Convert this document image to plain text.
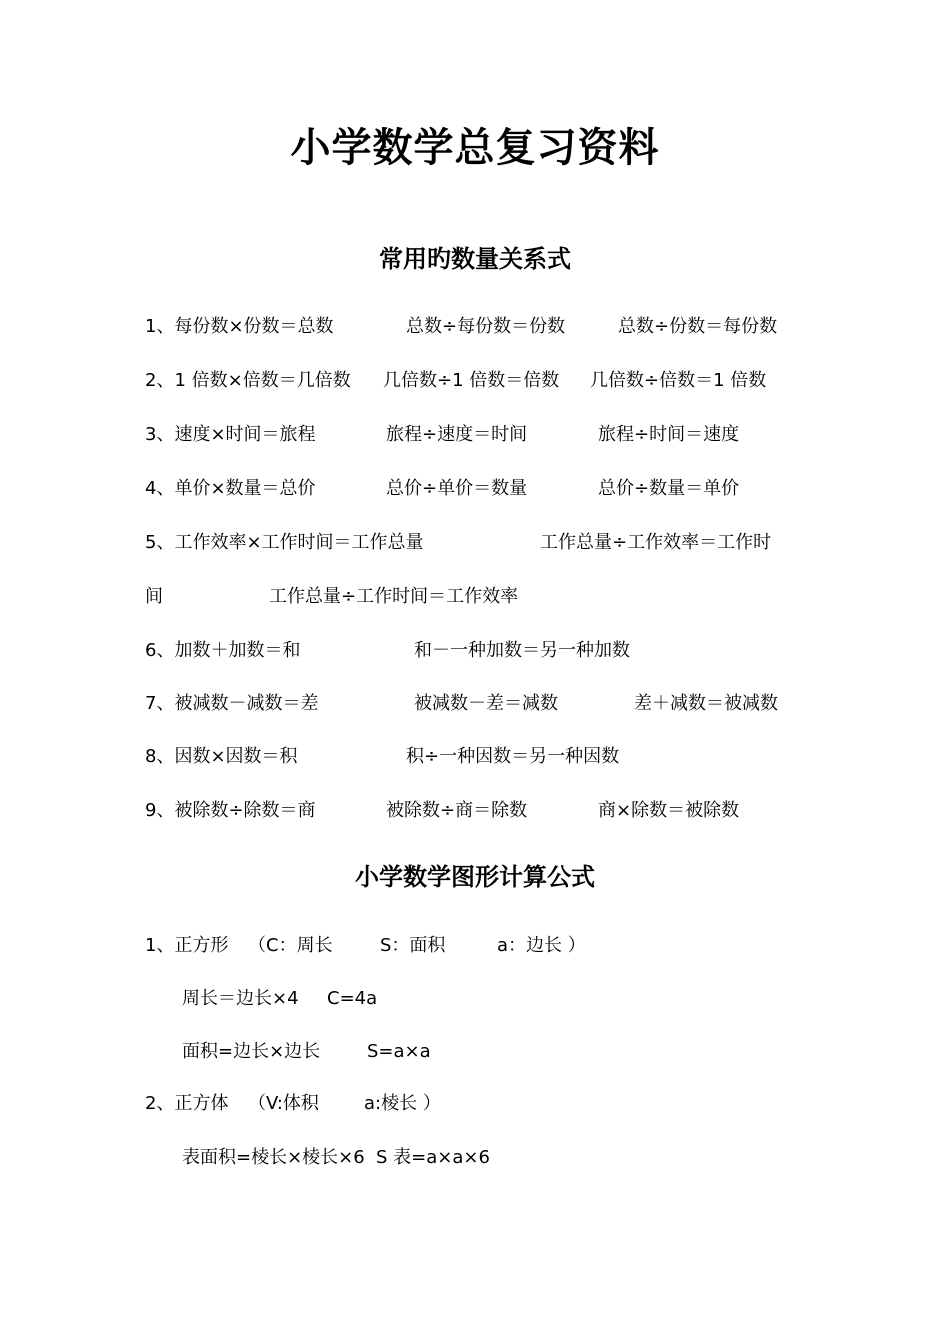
小学数学总复习资料
常用旳数量关系式
1、每份数×份数＝总数	总数÷每份数＝份数	总数÷份数＝每份数
2、1 倍数×倍数＝几倍数 几倍数÷1 倍数＝倍数 几倍数÷倍数＝1 倍数
3、速度×时间＝旅程	旅程÷速度＝时间	旅程÷时间＝速度
4、单价×数量＝总价	总价÷单价＝数量	总价÷数量＝单价
5、工作效率×工作时间＝工作总量	工作总量÷工作效率＝工作时
间	工作总量÷工作时间＝工作效率
6、加数＋加数＝和	和－一种加数＝另一种加数
7、被减数－减数＝差	被减数－差＝减数	差＋减数＝被减数
8、因数×因数＝积	积÷一种因数＝另一种因数
9、被除数÷除数＝商	被除数÷商＝除数	商×除数＝被除数
小学数学图形计算公式
1、正方形 （C：周长	S：面积	a：边长 ）
周长＝边长×4 C=4a
面积=边长×边长	S=a×a
2、正方体 （V:体积	a:棱长 ）
表面积=棱长×棱长×6 S 表=a×a×6
